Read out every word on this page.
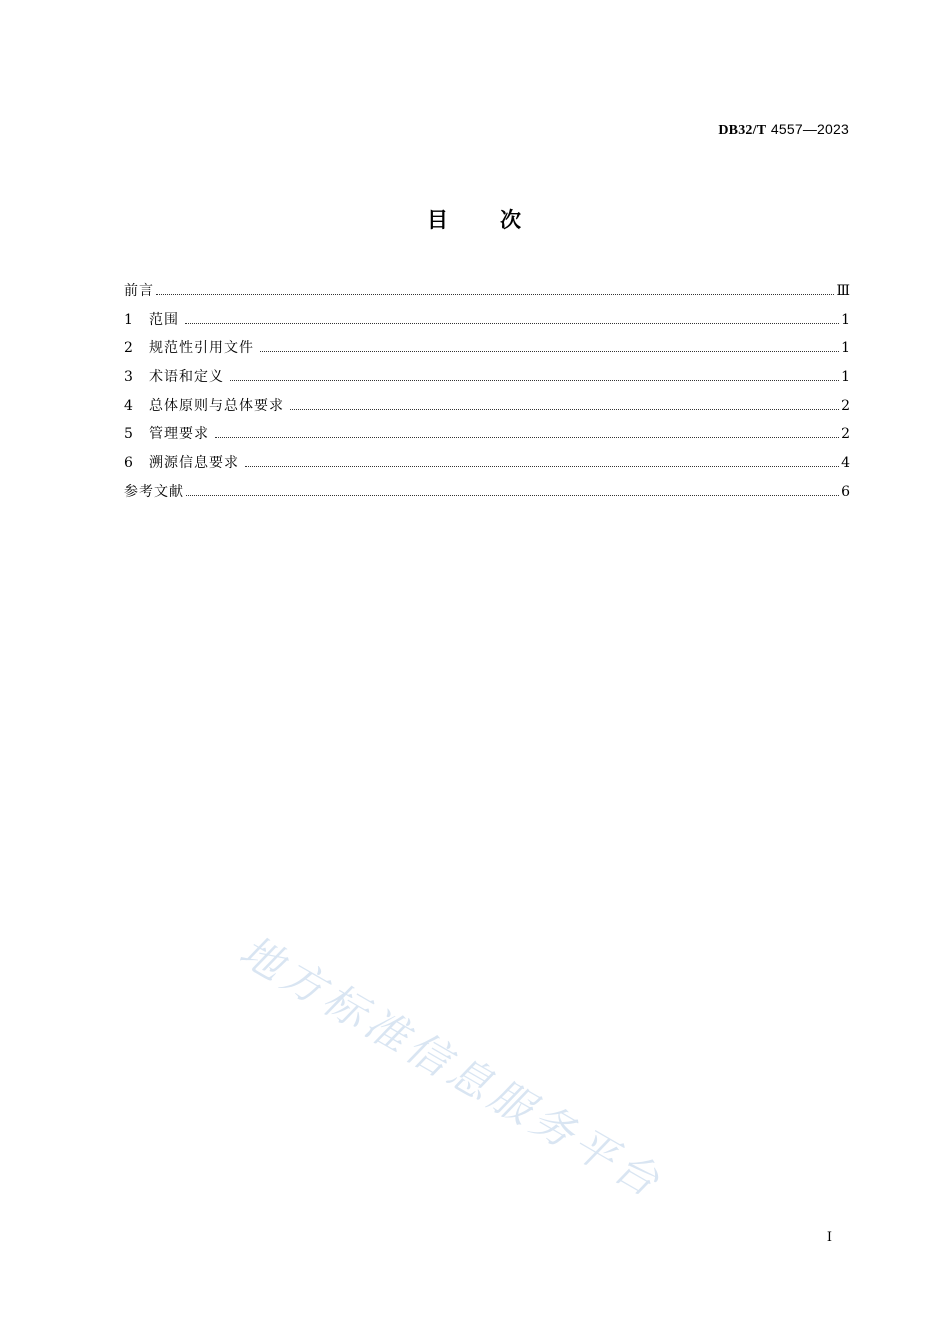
DB32/T 4557—2023
目 次
前言	Ⅲ
1	范围	1
2	规范性引用文件	1
3	术语和定义	1
4	总体原则与总体要求	2
5	管理要求	2
6	溯源信息要求	4
参考文献	6
地方标准信息服务平台
I
